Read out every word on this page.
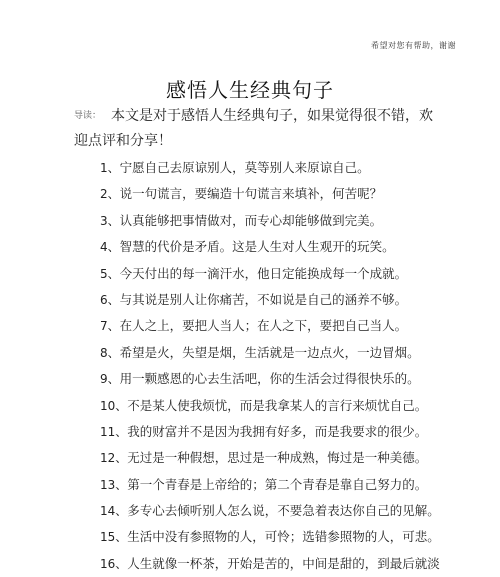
希望对您有帮助，谢谢
感悟人生经典句子
导读： 本文是对于感悟人生经典句子，如果觉得很不错，欢迎点评和分享！
1、宁愿自己去原谅别人，莫等别人来原谅自己。
2、说一句谎言，要编造十句谎言来填补，何苦呢？
3、认真能够把事情做对，而专心却能够做到完美。
4、智慧的代价是矛盾。这是人生对人生观开的玩笑。
5、今天付出的每一滴汗水，他日定能换成每一个成就。
6、与其说是别人让你痛苦，不如说是自己的涵养不够。
7、在人之上，要把人当人；在人之下，要把自己当人。
8、希望是火，失望是烟，生活就是一边点火，一边冒烟。
9、用一颗感恩的心去生活吧，你的生活会过得很快乐的。
10、不是某人使我烦忧，而是我拿某人的言行来烦忧自己。
11、我的财富并不是因为我拥有好多，而是我要求的很少。
12、无过是一种假想，思过是一种成熟，悔过是一种美德。
13、第一个青春是上帝给的；第二个青春是靠自己努力的。
14、多专心去倾听别人怎么说，不要急着表达你自己的见解。
15、生活中没有参照物的人，可怜；选错参照物的人，可悲。
16、人生就像一杯茶，开始是苦的，中间是甜的，到最后就淡
